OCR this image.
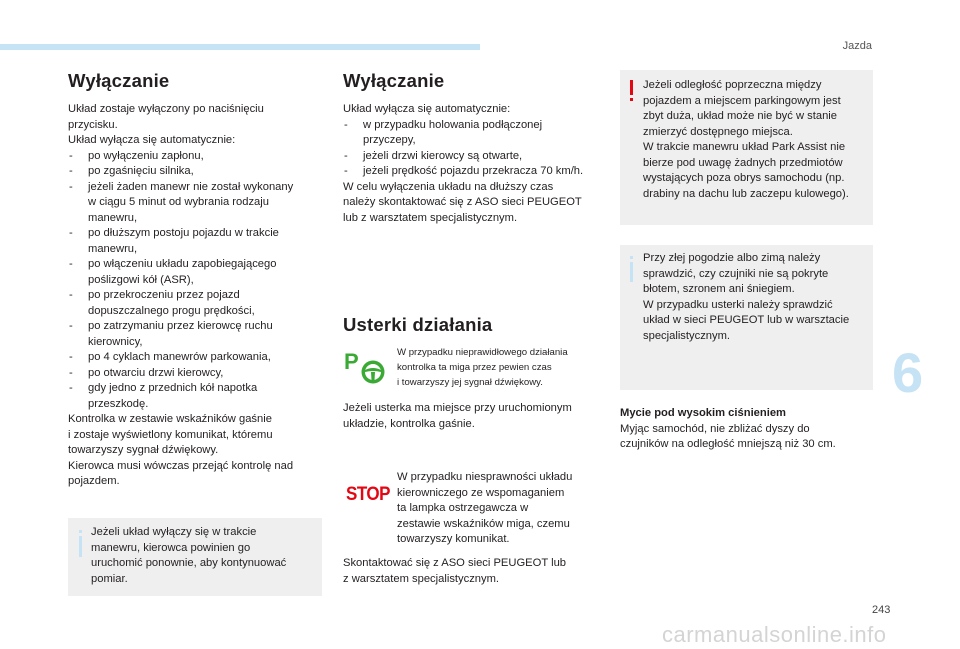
Jazda
Wyłączanie

Układ zostaje wyłączony po naciśnięciu

przycisku.

Układ wyłącza się automatycznie:

- po wyłączeniu zapłonu,

- po zgaśnięciu silnika,

- jeżeli żaden manewr nie został wykonany

w ciągu 5 minut od wybrania rodzaju

manewru,

- po dłuższym postoju pojazdu w trakcie

manewru,

- po włączeniu układu zapobiegającego

poślizgowi kół (ASR),

- po przekroczeniu przez pojazd

dopuszczalnego progu prędkości,

- po zatrzymaniu przez kierowcę ruchu

kierownicy,

- po 4 cyklach manewrów parkowania,

- po otwarciu drzwi kierowcy,

- gdy jedno z przednich kół napotka

przeszkodę.

Kontrolka w zestawie wskaźników gaśnie

i zostaje wyświetlony komunikat, któremu

towarzyszy sygnał dźwiękowy.

Kierowca musi wówczas przejąć kontrolę nad

pojazdem.

Jeżeli układ wyłączy się w trakcie

manewru, kierowca powinien go

uruchomić ponownie, aby kontynuować

pomiar.

Wyłączanie

Układ wyłącza się automatycznie:

- w przypadku holowania podłączonej

przyczepy,

- jeżeli drzwi kierowcy są otwarte,

- jeżeli prędkość pojazdu przekracza 70 km/h.

W celu wyłączenia układu na dłuższy czas

należy skontaktować się z ASO sieci PEUGEOT

lub z warsztatem specjalistycznym.

Usterki działania
P	W przypadku nieprawidłowego działania

kontrolka ta miga przez pewien czas

i towarzyszy jej sygnał dźwiękowy.

Jeżeli usterka ma miejsce przy uruchomionym

układzie, kontrolka gaśnie.

STOP

W przypadku niesprawności układu

kierowniczego ze wspomaganiem

ta lampka ostrzegawcza w

zestawie wskaźników miga, czemu

towarzyszy komunikat.

Skontaktować się z ASO sieci PEUGEOT lub

z warsztatem specjalistycznym.

Jeżeli odległość poprzeczna między

pojazdem a miejscem parkingowym jest

zbyt duża, układ może nie być w stanie

zmierzyć dostępnego miejsca.

W trakcie manewru układ Park Assist nie

bierze pod uwagę żadnych przedmiotów

wystających poza obrys samochodu (np.

drabiny na dachu lub zaczepu kulowego).

Przy złej pogodzie albo zimą należy

sprawdzić, czy czujniki nie są pokryte

błotem, szronem ani śniegiem.

W przypadku usterki należy sprawdzić

układ w sieci PEUGEOT lub w warsztacie

specjalistycznym.

Mycie pod wysokim ciśnieniem

Myjąc samochód, nie zbliżać dyszy do

czujników na odległość mniejszą niż 30 cm.

6
243
carmanualsonline.info
